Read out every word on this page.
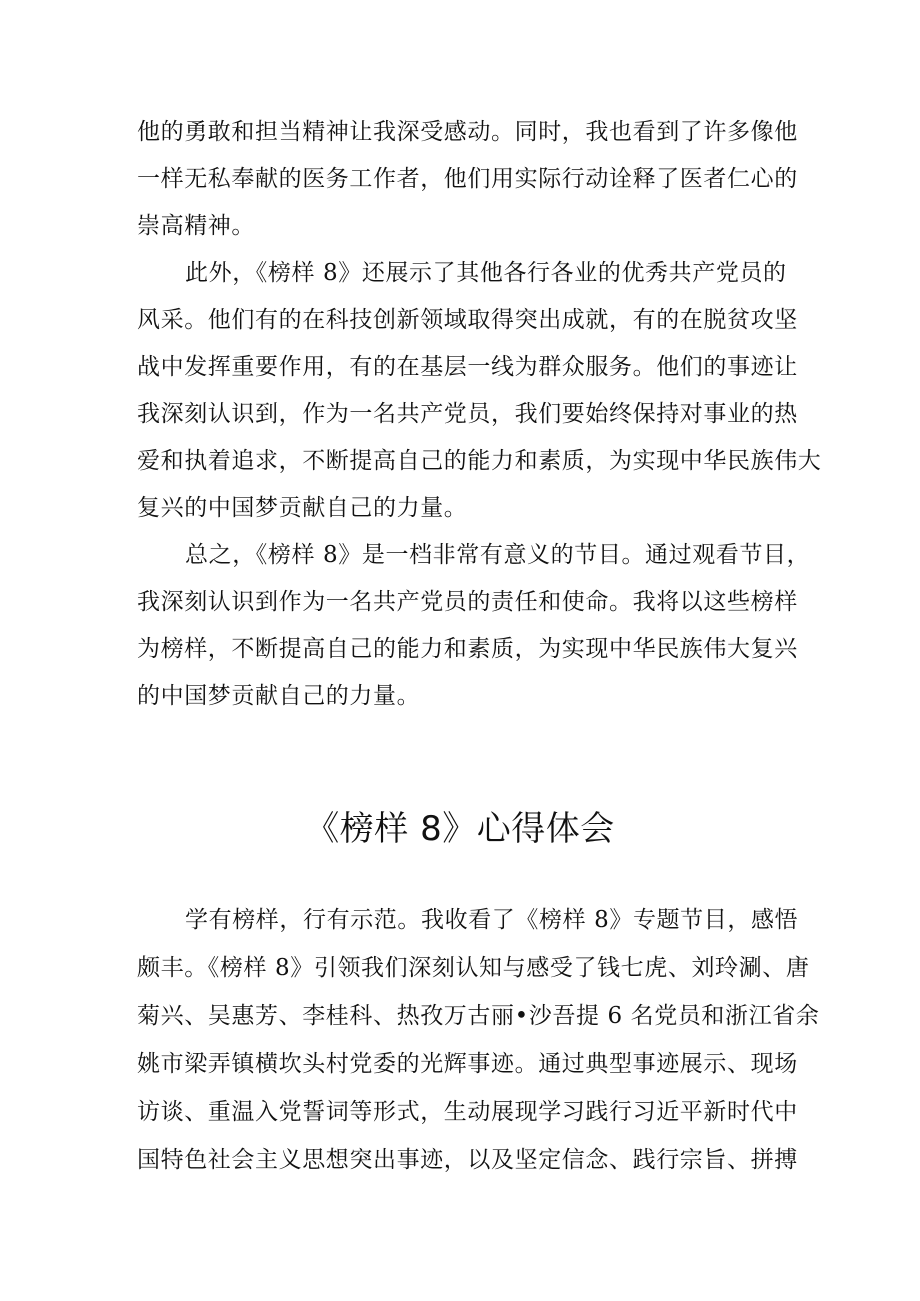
他的勇敢和担当精神让我深受感动。同时，我也看到了许多像他
一样无私奉献的医务工作者，他们用实际行动诠释了医者仁心的
崇高精神。
此外，《榜样 8》还展示了其他各行各业的优秀共产党员的
风采。他们有的在科技创新领域取得突出成就，有的在脱贫攻坚
战中发挥重要作用，有的在基层一线为群众服务。他们的事迹让
我深刻认识到，作为一名共产党员，我们要始终保持对事业的热
爱和执着追求，不断提高自己的能力和素质，为实现中华民族伟大
复兴的中国梦贡献自己的力量。
总之，《榜样 8》是一档非常有意义的节目。通过观看节目，
我深刻认识到作为一名共产党员的责任和使命。我将以这些榜样
为榜样，不断提高自己的能力和素质，为实现中华民族伟大复兴
的中国梦贡献自己的力量。
《榜样 8》心得体会
学有榜样，行有示范。我收看了《榜样 8》专题节目，感悟
颇丰。《榜样 8》引领我们深刻认知与感受了钱七虎、刘玲涮、唐
菊兴、吴惠芳、李桂科、热孜万古丽•沙吾提 6 名党员和浙江省余
姚市梁弄镇横坎头村党委的光辉事迹。通过典型事迹展示、现场
访谈、重温入党誓词等形式，生动展现学习践行习近平新时代中
国特色社会主义思想突出事迹，以及坚定信念、践行宗旨、拼搏
